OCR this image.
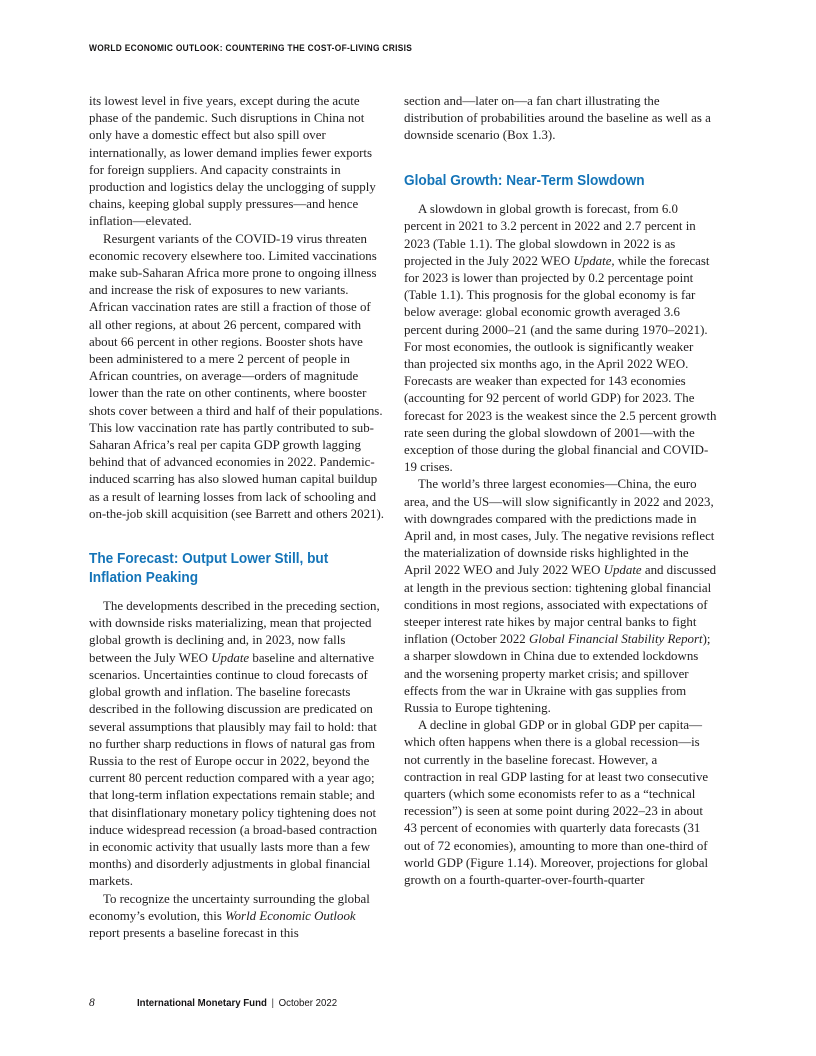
WORLD ECONOMIC OUTLOOK: COUNTERING THE COST-OF-LIVING CRISIS

its lowest level in five years, except during the acute phase of the pandemic. Such disruptions in China not only have a domestic effect but also spill over internationally, as lower demand implies fewer exports for foreign suppliers. And capacity constraints in production and logistics delay the unclogging of supply chains, keeping global supply pressures—and hence inflation—elevated.

Resurgent variants of the COVID-19 virus threaten economic recovery elsewhere too. Limited vaccinations make sub-Saharan Africa more prone to ongoing illness and increase the risk of exposures to new variants. African vaccination rates are still a fraction of those of all other regions, at about 26 percent, compared with about 66 percent in other regions. Booster shots have been administered to a mere 2 percent of people in African countries, on average—orders of magnitude lower than the rate on other continents, where booster shots cover between a third and half of their populations. This low vaccination rate has partly contributed to sub-Saharan Africa’s real per capita GDP growth lagging behind that of advanced economies in 2022. Pandemic-induced scarring has also slowed human capital buildup as a result of learning losses from lack of schooling and on-the-job skill acquisition (see Barrett and others 2021).

The Forecast: Output Lower Still, but Inflation Peaking

The developments described in the preceding section, with downside risks materializing, mean that projected global growth is declining and, in 2023, now falls between the July WEO Update baseline and alternative scenarios. Uncertainties continue to cloud forecasts of global growth and inflation. The baseline forecasts described in the following discussion are predicated on several assumptions that plausibly may fail to hold: that no further sharp reductions in flows of natural gas from Russia to the rest of Europe occur in 2022, beyond the current 80 percent reduction compared with a year ago; that long-term inflation expectations remain stable; and that disinflationary monetary policy tightening does not induce widespread recession (a broad-based contraction in economic activity that usually lasts more than a few months) and disorderly adjustments in global financial markets.

To recognize the uncertainty surrounding the global economy’s evolution, this World Economic Outlook report presents a baseline forecast in this

section and—later on—a fan chart illustrating the distribution of probabilities around the baseline as well as a downside scenario (Box 1.3).

Global Growth: Near-Term Slowdown

A slowdown in global growth is forecast, from 6.0 percent in 2021 to 3.2 percent in 2022 and 2.7 percent in 2023 (Table 1.1). The global slowdown in 2022 is as projected in the July 2022 WEO Update, while the forecast for 2023 is lower than projected by 0.2 percentage point (Table 1.1). This prognosis for the global economy is far below average: global economic growth averaged 3.6 percent during 2000–21 (and the same during 1970–2021). For most economies, the outlook is significantly weaker than projected six months ago, in the April 2022 WEO. Forecasts are weaker than expected for 143 economies (accounting for 92 percent of world GDP) for 2023. The forecast for 2023 is the weakest since the 2.5 percent growth rate seen during the global slowdown of 2001—with the exception of those during the global financial and COVID-19 crises.

The world’s three largest economies—China, the euro area, and the US—will slow significantly in 2022 and 2023, with downgrades compared with the predictions made in April and, in most cases, July. The negative revisions reflect the materialization of downside risks highlighted in the April 2022 WEO and July 2022 WEO Update and discussed at length in the previous section: tightening global financial conditions in most regions, associated with expectations of steeper interest rate hikes by major central banks to fight inflation (October 2022 Global Financial Stability Report); a sharper slowdown in China due to extended lockdowns and the worsening property market crisis; and spillover effects from the war in Ukraine with gas supplies from Russia to Europe tightening.

A decline in global GDP or in global GDP per capita—which often happens when there is a global recession—is not currently in the baseline forecast. However, a contraction in real GDP lasting for at least two consecutive quarters (which some economists refer to as a “technical recession”) is seen at some point during 2022–23 in about 43 percent of economies with quarterly data forecasts (31 out of 72 economies), amounting to more than one-third of world GDP (Figure 1.14). Moreover, projections for global growth on a fourth-quarter-over-fourth-quarter

8	International Monetary Fund | October 2022
